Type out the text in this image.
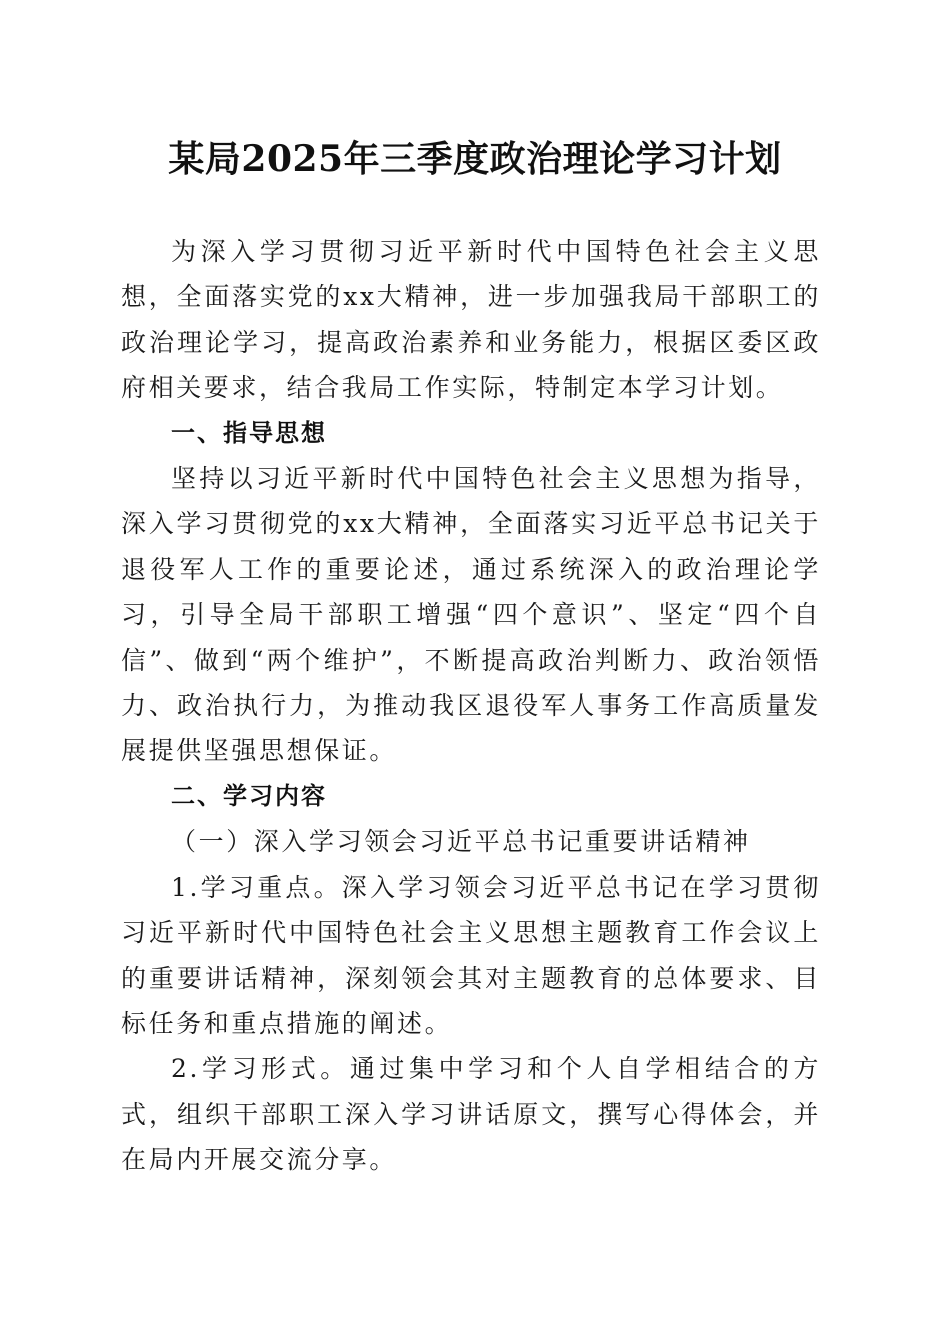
某局2025年三季度政治理论学习计划

为深入学习贯彻习近平新时代中国特色社会主义思想，全面落实党的xx大精神，进一步加强我局干部职工的政治理论学习，提高政治素养和业务能力，根据区委区政府相关要求，结合我局工作实际，特制定本学习计划。

一、指导思想

坚持以习近平新时代中国特色社会主义思想为指导，深入学习贯彻党的xx大精神，全面落实习近平总书记关于退役军人工作的重要论述，通过系统深入的政治理论学习，引导全局干部职工增强“四个意识”、坚定“四个自信”、做到“两个维护”，不断提高政治判断力、政治领悟力、政治执行力，为推动我区退役军人事务工作高质量发展提供坚强思想保证。

二、学习内容

（一）深入学习领会习近平总书记重要讲话精神

1.学习重点。深入学习领会习近平总书记在学习贯彻习近平新时代中国特色社会主义思想主题教育工作会议上的重要讲话精神，深刻领会其对主题教育的总体要求、目标任务和重点措施的阐述。

2.学习形式。通过集中学习和个人自学相结合的方式，组织干部职工深入学习讲话原文，撰写心得体会，并在局内开展交流分享。
